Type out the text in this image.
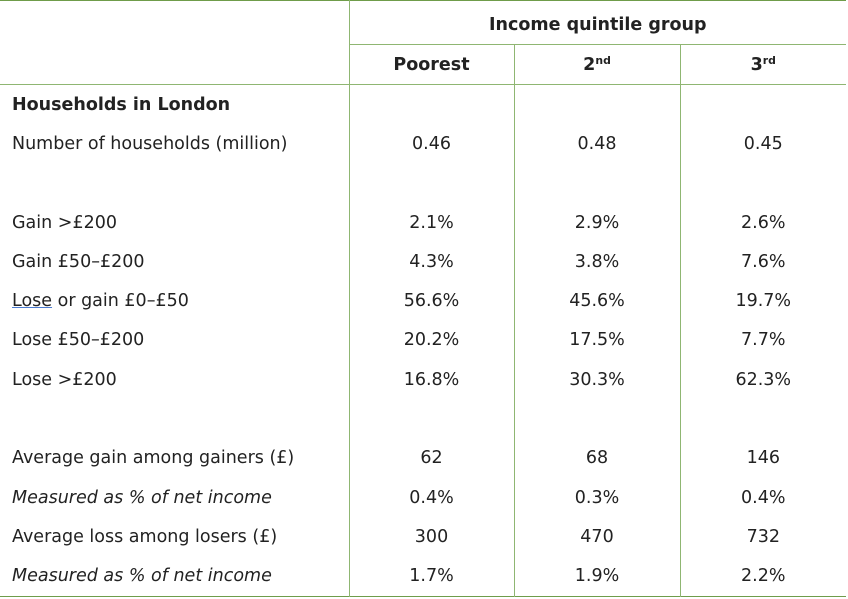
	Income quintile group		
	Poorest	2nd	3rd
Households in London			
Number of households (million)	0.46	0.48	0.45

Gain >£200	2.1%	2.9%	2.6%
Gain £50–£200	4.3%	3.8%	7.6%
Lose or gain £0–£50	56.6%	45.6%	19.7%
Lose £50–£200	20.2%	17.5%	7.7%
Lose >£200	16.8%	30.3%	62.3%

Average gain among gainers (£)	62	68	146
Measured as % of net income	0.4%	0.3%	0.4%
Average loss among losers (£)	300	470	732
Measured as % of net income	1.7%	1.9%	2.2%
